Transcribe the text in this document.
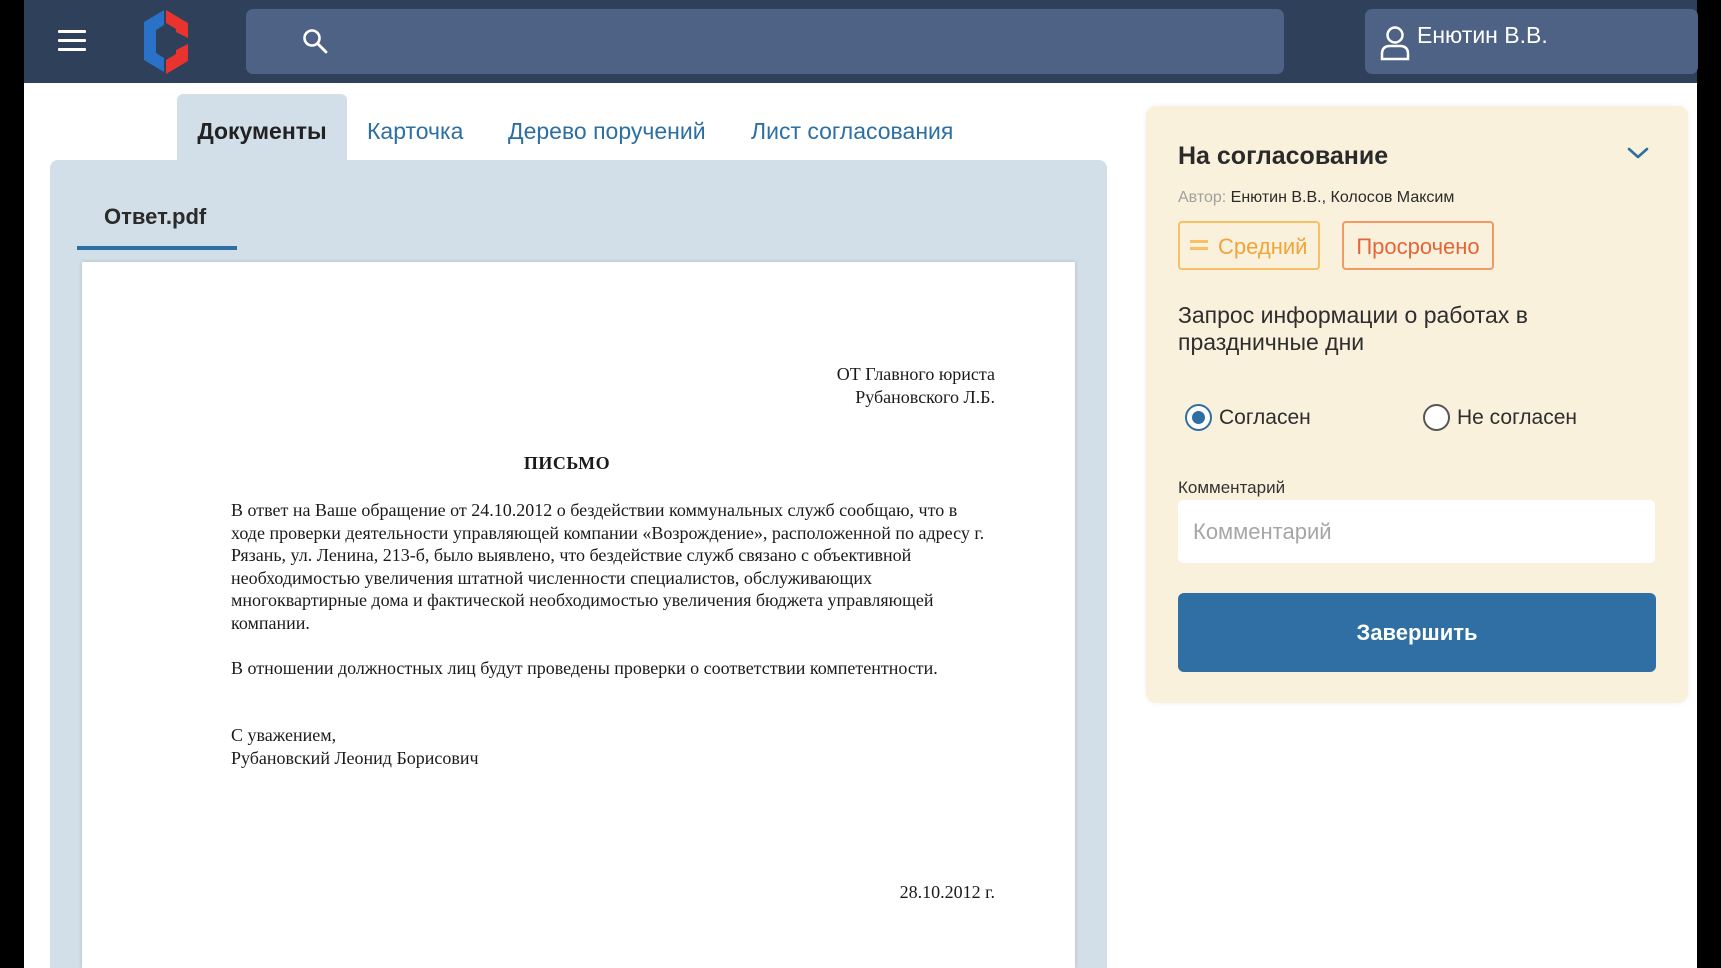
Енютин В.В.
Документы	Карточка Дерево поручений Лист согласования
Ответ.pdf
ОТ Главного юриста
Рубановского Л.Б.
ПИСЬМО
В ответ на Ваше обращение от 24.10.2012 о бездействии коммунальных служб сообщаю, что в ходе проверки деятельности управляющей компании «Возрождение», расположенной по адресу г. Рязань, ул. Ленина, 213-б, было выявлено, что бездействие служб связано с объективной необходимостью увеличения штатной численности специалистов, обслуживающих многоквартирные дома и фактической необходимостью увеличения бюджета управляющей компании.
В отношении должностных лиц будут проведены проверки о соответствии компетентности.
С уважением,
Рубановский Леонид Борисович
28.10.2012 г.
На согласование
Автор: Енютин В.В., Колосов Максим
Средний	Просрочено
Запрос информации о работах в праздничные дни
Согласен	Не согласен
Комментарий
Комментарий
Завершить
